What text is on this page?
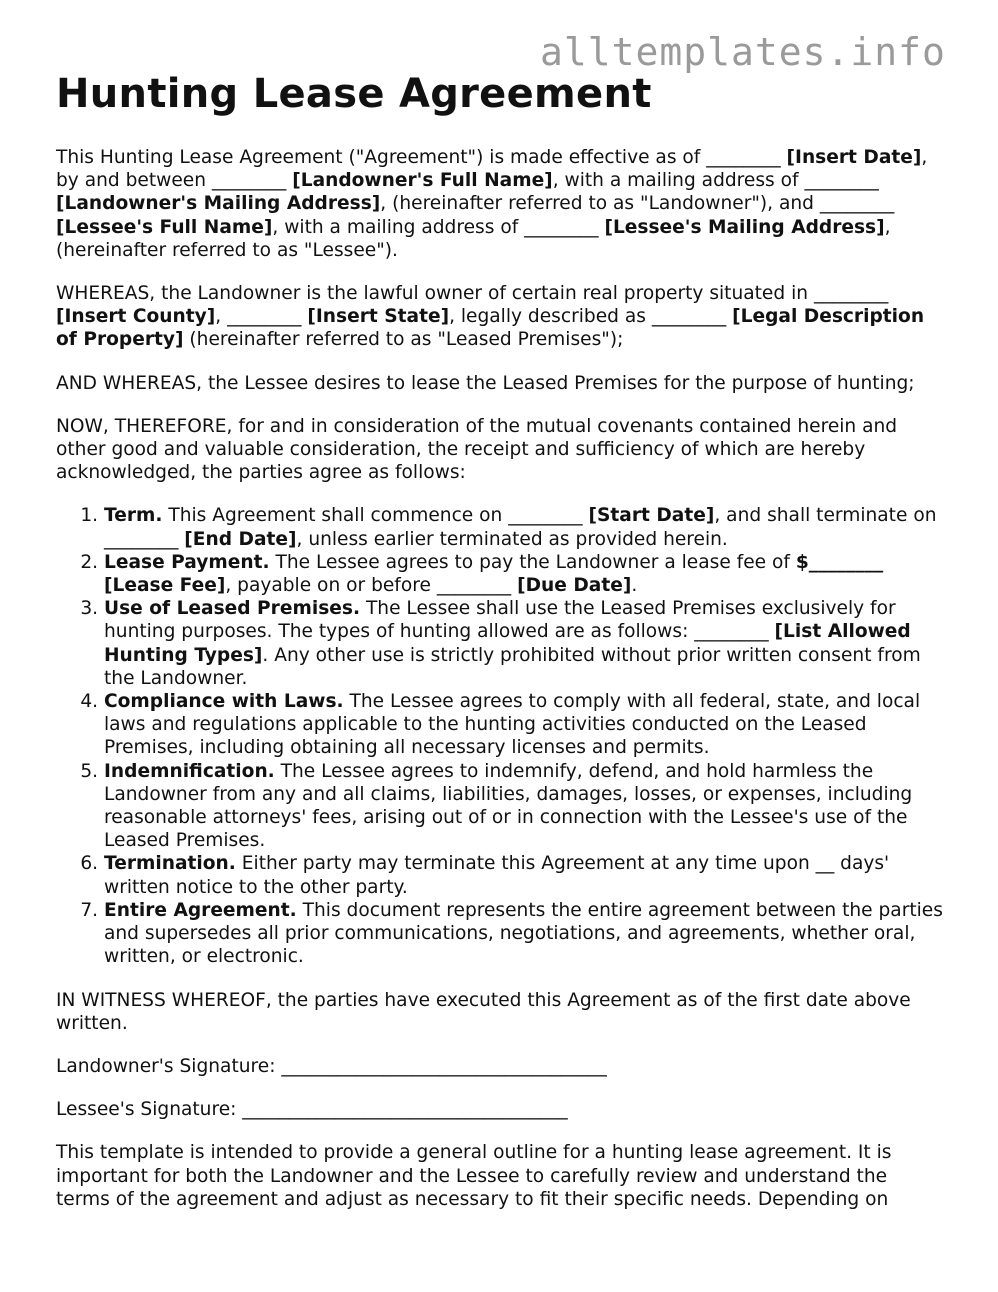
alltemplates.info
Hunting Lease Agreement

This Hunting Lease Agreement ("Agreement") is made effective as of ________ [Insert Date], by and between ________ [Landowner's Full Name], with a mailing address of ________ [Landowner's Mailing Address], (hereinafter referred to as "Landowner"), and ________ [Lessee's Full Name], with a mailing address of ________ [Lessee's Mailing Address], (hereinafter referred to as "Lessee").

WHEREAS, the Landowner is the lawful owner of certain real property situated in ________ [Insert County], ________ [Insert State], legally described as ________ [Legal Description of Property] (hereinafter referred to as "Leased Premises");

AND WHEREAS, the Lessee desires to lease the Leased Premises for the purpose of hunting;

NOW, THEREFORE, for and in consideration of the mutual covenants contained herein and other good and valuable consideration, the receipt and sufficiency of which are hereby acknowledged, the parties agree as follows:

1. Term. This Agreement shall commence on ________ [Start Date], and shall terminate on ________ [End Date], unless earlier terminated as provided herein.
2. Lease Payment. The Lessee agrees to pay the Landowner a lease fee of $________ [Lease Fee], payable on or before ________ [Due Date].
3. Use of Leased Premises. The Lessee shall use the Leased Premises exclusively for hunting purposes. The types of hunting allowed are as follows: ________ [List Allowed Hunting Types]. Any other use is strictly prohibited without prior written consent from the Landowner.
4. Compliance with Laws. The Lessee agrees to comply with all federal, state, and local laws and regulations applicable to the hunting activities conducted on the Leased Premises, including obtaining all necessary licenses and permits.
5. Indemnification. The Lessee agrees to indemnify, defend, and hold harmless the Landowner from any and all claims, liabilities, damages, losses, or expenses, including reasonable attorneys' fees, arising out of or in connection with the Lessee's use of the Leased Premises.
6. Termination. Either party may terminate this Agreement at any time upon __ days' written notice to the other party.
7. Entire Agreement. This document represents the entire agreement between the parties and supersedes all prior communications, negotiations, and agreements, whether oral, written, or electronic.

IN WITNESS WHEREOF, the parties have executed this Agreement as of the first date above written.

Landowner's Signature: ___________________________________

Lessee's Signature: ___________________________________

This template is intended to provide a general outline for a hunting lease agreement. It is important for both the Landowner and the Lessee to carefully review and understand the terms of the agreement and adjust as necessary to fit their specific needs. Depending on
